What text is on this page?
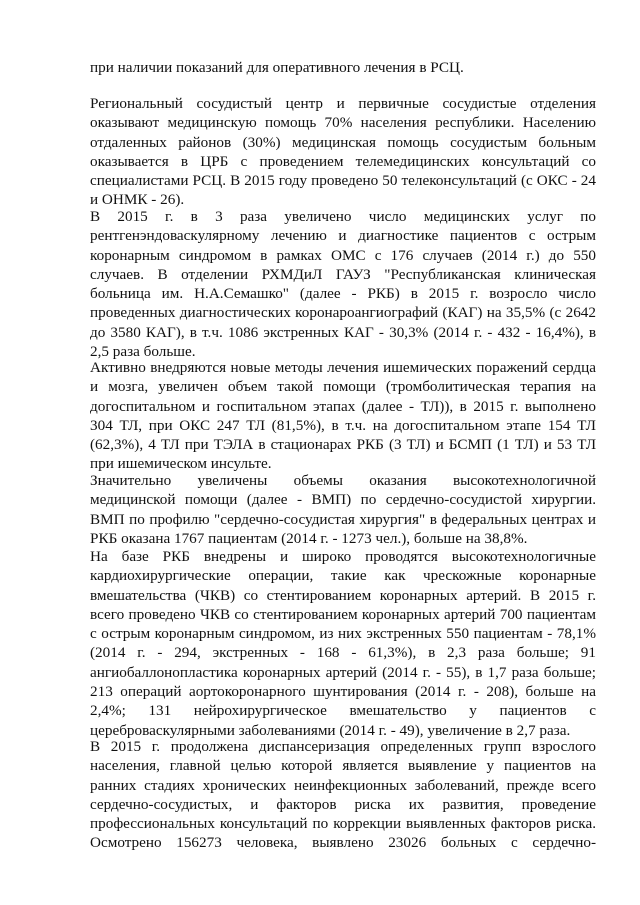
при наличии показаний для оперативного лечения в РСЦ.
Региональный сосудистый центр и первичные сосудистые отделения
оказывают медицинскую помощь 70% населения республики. Населению
отдаленных районов (30%) медицинская помощь сосудистым больным
оказывается в ЦРБ с проведением телемедицинских консультаций со
специалистами РСЦ. В 2015 году проведено 50 телеконсультаций (с ОКС - 24
и ОНМК - 26).
В 2015 г. в 3 раза увеличено число медицинских услуг по
рентгенэндоваскулярному лечению и диагностике пациентов с острым
коронарным синдромом в рамках ОМС с 176 случаев (2014 г.) до 550
случаев. В отделении РХМДиЛ ГАУЗ "Республиканская клиническая
больница им. Н.А.Семашко" (далее - РКБ) в 2015 г. возросло число
проведенных диагностических коронароангиографий (КАГ) на 35,5% (с 2642
до 3580 КАГ), в т.ч. 1086 экстренных КАГ - 30,3% (2014 г. - 432 - 16,4%), в
2,5 раза больше.
Активно внедряются новые методы лечения ишемических поражений сердца
и мозга, увеличен объем такой помощи (тромболитическая терапия на
догоспитальном и госпитальном этапах (далее - ТЛ)), в 2015 г. выполнено
304 ТЛ, при ОКС 247 ТЛ (81,5%), в т.ч. на догоспитальном этапе 154 ТЛ
(62,3%), 4 ТЛ при ТЭЛА в стационарах РКБ (3 ТЛ) и БСМП (1 ТЛ) и 53 ТЛ
при ишемическом инсульте.
Значительно увеличены объемы оказания высокотехнологичной
медицинской помощи (далее - ВМП) по сердечно-сосудистой хирургии.
ВМП по профилю "сердечно-сосудистая хирургия" в федеральных центрах и
РКБ оказана 1767 пациентам (2014 г. - 1273 чел.), больше на 38,8%.
На базе РКБ внедрены и широко проводятся высокотехнологичные
кардиохирургические операции, такие как чрескожные коронарные
вмешательства (ЧКВ) со стентированием коронарных артерий. В 2015 г.
всего проведено ЧКВ со стентированием коронарных артерий 700 пациентам
с острым коронарным синдромом, из них экстренных 550 пациентам - 78,1%
(2014 г. - 294, экстренных - 168 - 61,3%), в 2,3 раза больше; 91
ангиобаллонопластика коронарных артерий (2014 г. - 55), в 1,7 раза больше;
213 операций аортокоронарного шунтирования (2014 г. - 208), больше на
2,4%; 131 нейрохирургическое вмешательство у пациентов с
цереброваскулярными заболеваниями (2014 г. - 49), увеличение в 2,7 раза.
В 2015 г. продолжена диспансеризация определенных групп взрослого
населения, главной целью которой является выявление у пациентов на
ранних стадиях хронических неинфекционных заболеваний, прежде всего
сердечно-сосудистых, и факторов риска их развития, проведение
профессиональных консультаций по коррекции выявленных факторов риска.
Осмотрено 156273 человека, выявлено 23026 больных с сердечно-
